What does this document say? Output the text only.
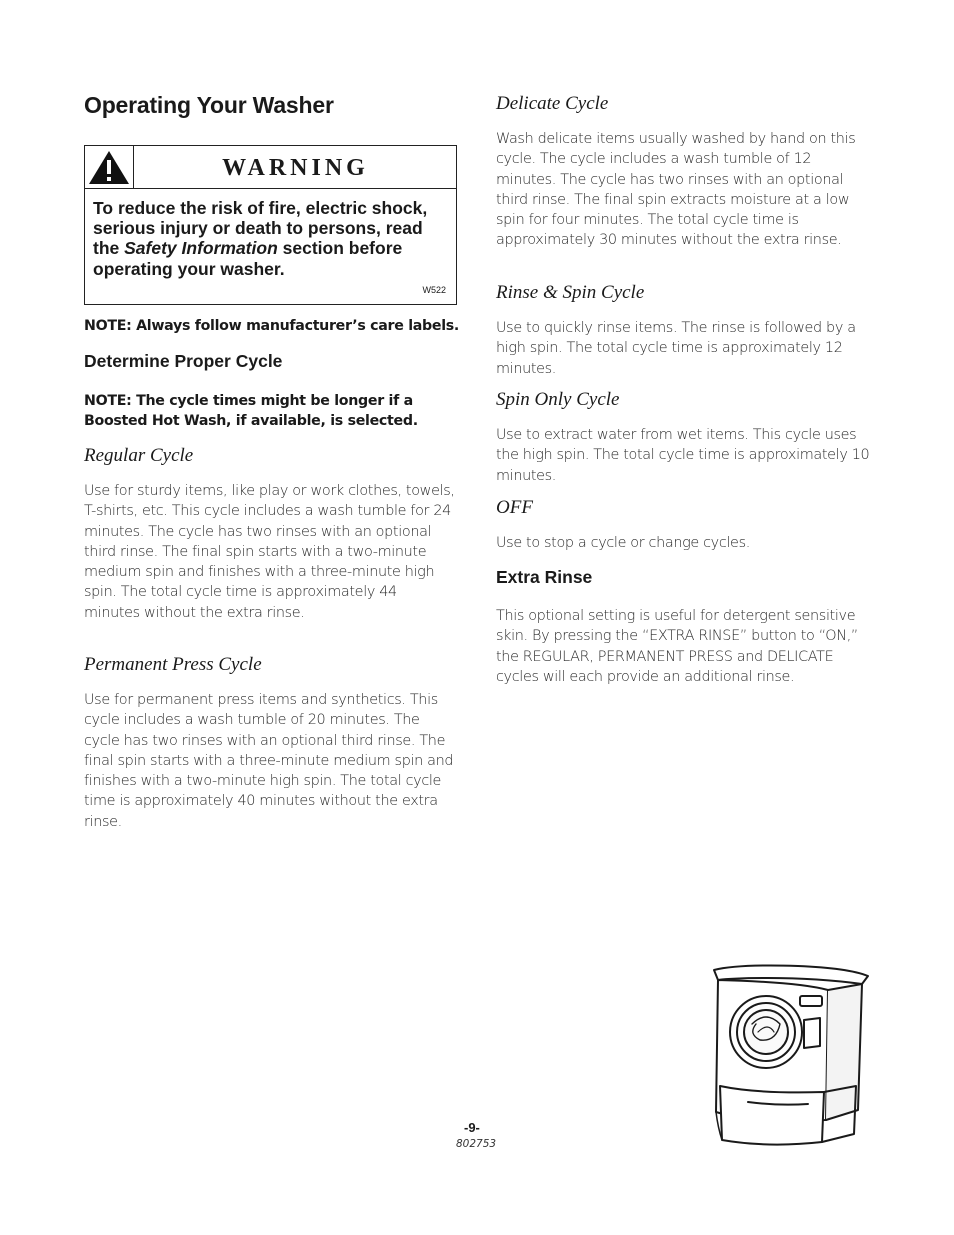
Operating Your Washer
WARNING
To reduce the risk of fire, electric shock, serious injury or death to persons, read the Safety Information section before operating your washer.
W522
NOTE: Always follow manufacturer’s care labels.
Determine Proper Cycle
NOTE: The cycle times might be longer if a
Boosted Hot Wash, if available, is selected.
Regular Cycle
Use for sturdy items, like play or work clothes, towels, T-shirts, etc. This cycle includes a wash tumble for 24 minutes. The cycle has two rinses with an optional third rinse. The final spin starts with a two-minute medium spin and finishes with a three-minute high spin. The total cycle time is approximately 44 minutes without the extra rinse.
Permanent Press Cycle
Use for permanent press items and synthetics. This cycle includes a wash tumble of 20 minutes. The cycle has two rinses with an optional third rinse. The final spin starts with a three-minute medium spin and finishes with a two-minute high spin. The total cycle time is approximately 40 minutes without the extra rinse.
Delicate Cycle
Wash delicate items usually washed by hand on this cycle. The cycle includes a wash tumble of 12 minutes. The cycle has two rinses with an optional third rinse. The final spin extracts moisture at a low spin for four minutes. The total cycle time is approximately 30 minutes without the extra rinse.
Rinse & Spin Cycle
Use to quickly rinse items. The rinse is followed by a high spin. The total cycle time is approximately 12 minutes.
Spin Only Cycle
Use to extract water from wet items. This cycle uses the high spin. The total cycle time is approximately 10 minutes.
OFF
Use to stop a cycle or change cycles.
Extra Rinse
This optional setting is useful for detergent sensitive skin. By pressing the “EXTRA RINSE” button to “ON,” the REGULAR, PERMANENT PRESS and DELICATE cycles will each provide an additional rinse.
-9-
802753
